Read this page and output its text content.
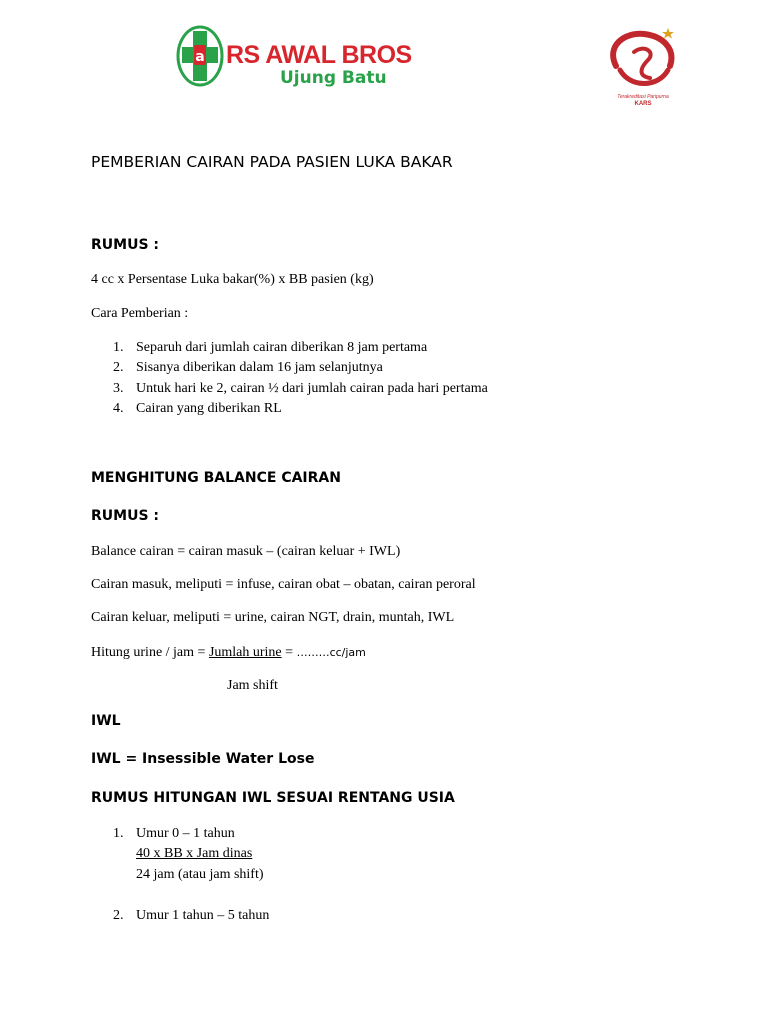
a RS AWAL BROS
Ujung Batu
Terakreditasi Paripurna
KARS
PEMBERIAN CAIRAN PADA PASIEN LUKA BAKAR
RUMUS :
4 cc x Persentase Luka bakar(%) x BB pasien (kg)
Cara Pemberian :
1. Separuh dari jumlah cairan diberikan 8 jam pertama
2. Sisanya diberikan dalam 16 jam selanjutnya
3. Untuk hari ke 2, cairan ½ dari jumlah cairan pada hari pertama
4. Cairan yang diberikan RL
MENGHITUNG BALANCE CAIRAN
RUMUS :
Balance cairan = cairan masuk – (cairan keluar + IWL)
Cairan masuk, meliputi = infuse, cairan obat – obatan, cairan peroral
Cairan keluar, meliputi = urine, cairan NGT, drain, muntah, IWL
Hitung urine / jam = Jumlah urine = ………cc/jam
Jam shift
IWL
IWL = Insessible Water Lose
RUMUS HITUNGAN IWL SESUAI RENTANG USIA
1. Umur 0 – 1 tahun
40 x BB x Jam dinas
24 jam (atau jam shift)
2. Umur 1 tahun – 5 tahun
